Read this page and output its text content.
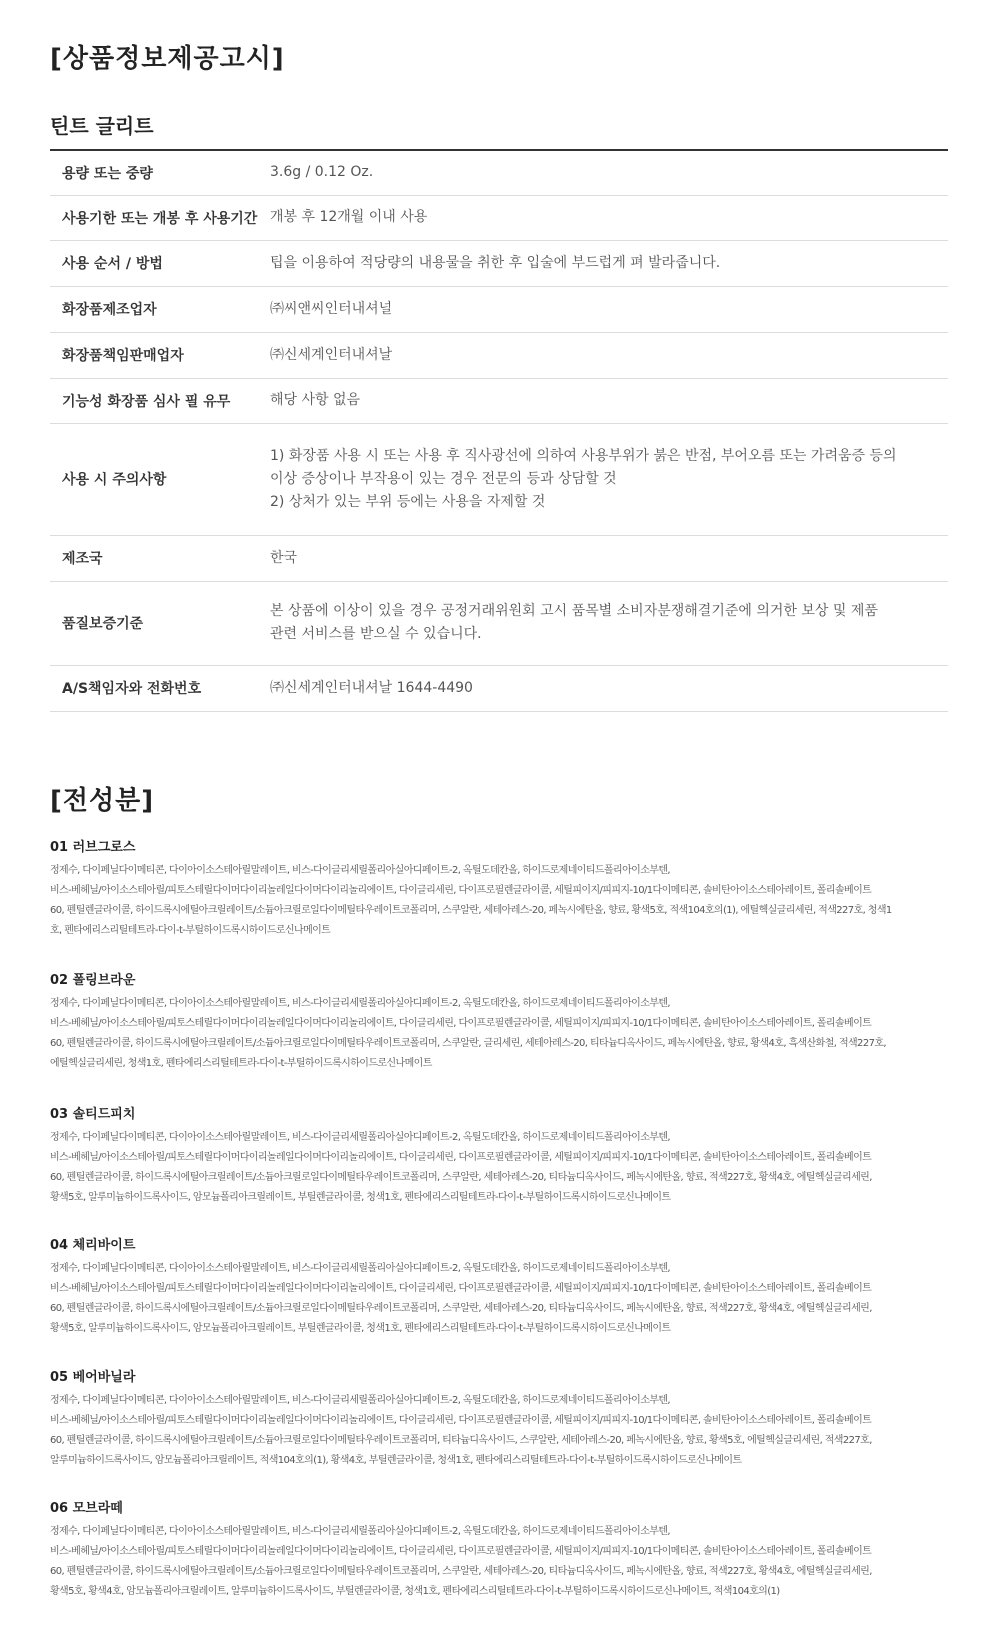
[상품정보제공고시]
틴트 글리트
용량 또는 중량	3.6g / 0.12 Oz.

사용기한 또는 개봉 후 사용기간	개봉 후 12개월 이내 사용

사용 순서 / 방법	팁을 이용하여 적당량의 내용물을 취한 후 입술에 부드럽게 펴 발라줍니다.

화장품제조업자	㈜씨앤씨인터내셔널

화장품책임판매업자	㈜신세계인터내셔날

기능성 화장품 심사 필 유무	해당 사항 없음

사용 시 주의사항	1) 화장품 사용 시 또는 사용 후 직사광선에 의하여 사용부위가 붉은 반점, 부어오름 또는 가려움증 등의
이상 증상이나 부작용이 있는 경우 전문의 등과 상담할 것
2) 상처가 있는 부위 등에는 사용을 자제할 것

제조국	한국

품질보증기준	본 상품에 이상이 있을 경우 공정거래위원회 고시 품목별 소비자분쟁해결기준에 의거한 보상 및 제품
관련 서비스를 받으실 수 있습니다.

A/S책임자와 전화번호	㈜신세계인터내셔날 1644-4490
[전성분]
01 러브그로스
정제수, 다이페닐다이메티콘, 다이아이소스테아릴말레이트, 비스-다이글리세릴폴리아실아디페이트-2, 옥틸도데칸올, 하이드로제네이티드폴리아이소부텐,
비스-베헤닐/아이소스테아릴/피토스테릴다이머다이리놀레일다이머다이리놀리에이트, 다이글리세린, 다이프로필렌글라이콜, 세틸피이지/피피지-10/1다이메티콘, 솔비탄아이소스테아레이트, 폴리솔베이트
60, 펜틸렌글라이콜, 하이드록시에틸아크릴레이트/소듐아크릴로일다이메틸타우레이트코폴리머, 스쿠알란, 세테아레스-20, 페녹시에탄올, 향료, 황색5호, 적색104호의(1), 에틸헥실글리세린, 적색227호, 청색1
호, 펜타에리스리틸테트라-다이-t-부틸하이드록시하이드로신나메이트
02 폴링브라운
정제수, 다이페닐다이메티콘, 다이아이소스테아릴말레이트, 비스-다이글리세릴폴리아실아디페이트-2, 옥틸도데칸올, 하이드로제네이티드폴리아이소부텐,
비스-베헤닐/아이소스테아릴/피토스테릴다이머다이리놀레일다이머다이리놀리에이트, 다이글리세린, 다이프로필렌글라이콜, 세틸피이지/피피지-10/1다이메티콘, 솔비탄아이소스테아레이트, 폴리솔베이트
60, 펜틸렌글라이콜, 하이드록시에틸아크릴레이트/소듐아크릴로일다이메틸타우레이트코폴리머, 스쿠알란, 글리세린, 세테아레스-20, 티타늄디옥사이드, 페녹시에탄올, 향료, 황색4호, 흑색산화철, 적색227호,
에틸헥실글리세린, 청색1호, 펜타에리스리틸테트라-다이-t-부틸하이드록시하이드로신나메이트
03 솔티드피치
정제수, 다이페닐다이메티콘, 다이아이소스테아릴말레이트, 비스-다이글리세릴폴리아실아디페이트-2, 옥틸도데칸올, 하이드로제네이티드폴리아이소부텐,
비스-베헤닐/아이소스테아릴/피토스테릴다이머다이리놀레일다이머다이리놀리에이트, 다이글리세린, 다이프로필렌글라이콜, 세틸피이지/피피지-10/1다이메티콘, 솔비탄아이소스테아레이트, 폴리솔베이트
60, 펜틸렌글라이콜, 하이드록시에틸아크릴레이트/소듐아크릴로일다이메틸타우레이트코폴리머, 스쿠알란, 세테아레스-20, 티타늄디옥사이드, 페녹시에탄올, 향료, 적색227호, 황색4호, 에틸헥실글리세린,
황색5호, 알루미늄하이드록사이드, 암모늄폴리아크릴레이트, 부틸렌글라이콜, 청색1호, 펜타에리스리틸테트라-다이-t-부틸하이드록시하이드로신나메이트
04 체리바이트
정제수, 다이페닐다이메티콘, 다이아이소스테아릴말레이트, 비스-다이글리세릴폴리아실아디페이트-2, 옥틸도데칸올, 하이드로제네이티드폴리아이소부텐,
비스-베헤닐/아이소스테아릴/피토스테릴다이머다이리놀레일다이머다이리놀리에이트, 다이글리세린, 다이프로필렌글라이콜, 세틸피이지/피피지-10/1다이메티콘, 솔비탄아이소스테아레이트, 폴리솔베이트
60, 펜틸렌글라이콜, 하이드록시에틸아크릴레이트/소듐아크릴로일다이메틸타우레이트코폴리머, 스쿠알란, 세테아레스-20, 티타늄디옥사이드, 페녹시에탄올, 향료, 적색227호, 황색4호, 에틸헥실글리세린,
황색5호, 알루미늄하이드록사이드, 암모늄폴리아크릴레이트, 부틸렌글라이콜, 청색1호, 펜타에리스리틸테트라-다이-t-부틸하이드록시하이드로신나메이트
05 베어바닐라
정제수, 다이페닐다이메티콘, 다이아이소스테아릴말레이트, 비스-다이글리세릴폴리아실아디페이트-2, 옥틸도데칸올, 하이드로제네이티드폴리아이소부텐,
비스-베헤닐/아이소스테아릴/피토스테릴다이머다이리놀레일다이머다이리놀리에이트, 다이글리세린, 다이프로필렌글라이콜, 세틸피이지/피피지-10/1다이메티콘, 솔비탄아이소스테아레이트, 폴리솔베이트
60, 펜틸렌글라이콜, 하이드록시에틸아크릴레이트/소듐아크릴로일다이메틸타우레이트코폴리머, 티타늄디옥사이드, 스쿠알란, 세테아레스-20, 페녹시에탄올, 향료, 황색5호, 에틸헥실글리세린, 적색227호,
알루미늄하이드록사이드, 암모늄폴리아크릴레이트, 적색104호의(1), 황색4호, 부틸렌글라이콜, 청색1호, 펜타에리스리틸테트라-다이-t-부틸하이드록시하이드로신나메이트
06 모브라떼
정제수, 다이페닐다이메티콘, 다이아이소스테아릴말레이트, 비스-다이글리세릴폴리아실아디페이트-2, 옥틸도데칸올, 하이드로제네이티드폴리아이소부텐,
비스-베헤닐/아이소스테아릴/피토스테릴다이머다이리놀레일다이머다이리놀리에이트, 다이글리세린, 다이프로필렌글라이콜, 세틸피이지/피피지-10/1다이메티콘, 솔비탄아이소스테아레이트, 폴리솔베이트
60, 펜틸렌글라이콜, 하이드록시에틸아크릴레이트/소듐아크릴로일다이메틸타우레이트코폴리머, 스쿠알란, 세테아레스-20, 티타늄디옥사이드, 페녹시에탄올, 향료, 적색227호, 황색4호, 에틸헥실글리세린,
황색5호, 황색4호, 암모늄폴리아크릴레이트, 알루미늄하이드록사이드, 부틸렌글라이콜, 청색1호, 펜타에리스리틸테트라-다이-t-부틸하이드록시하이드로신나메이트, 적색104호의(1)
